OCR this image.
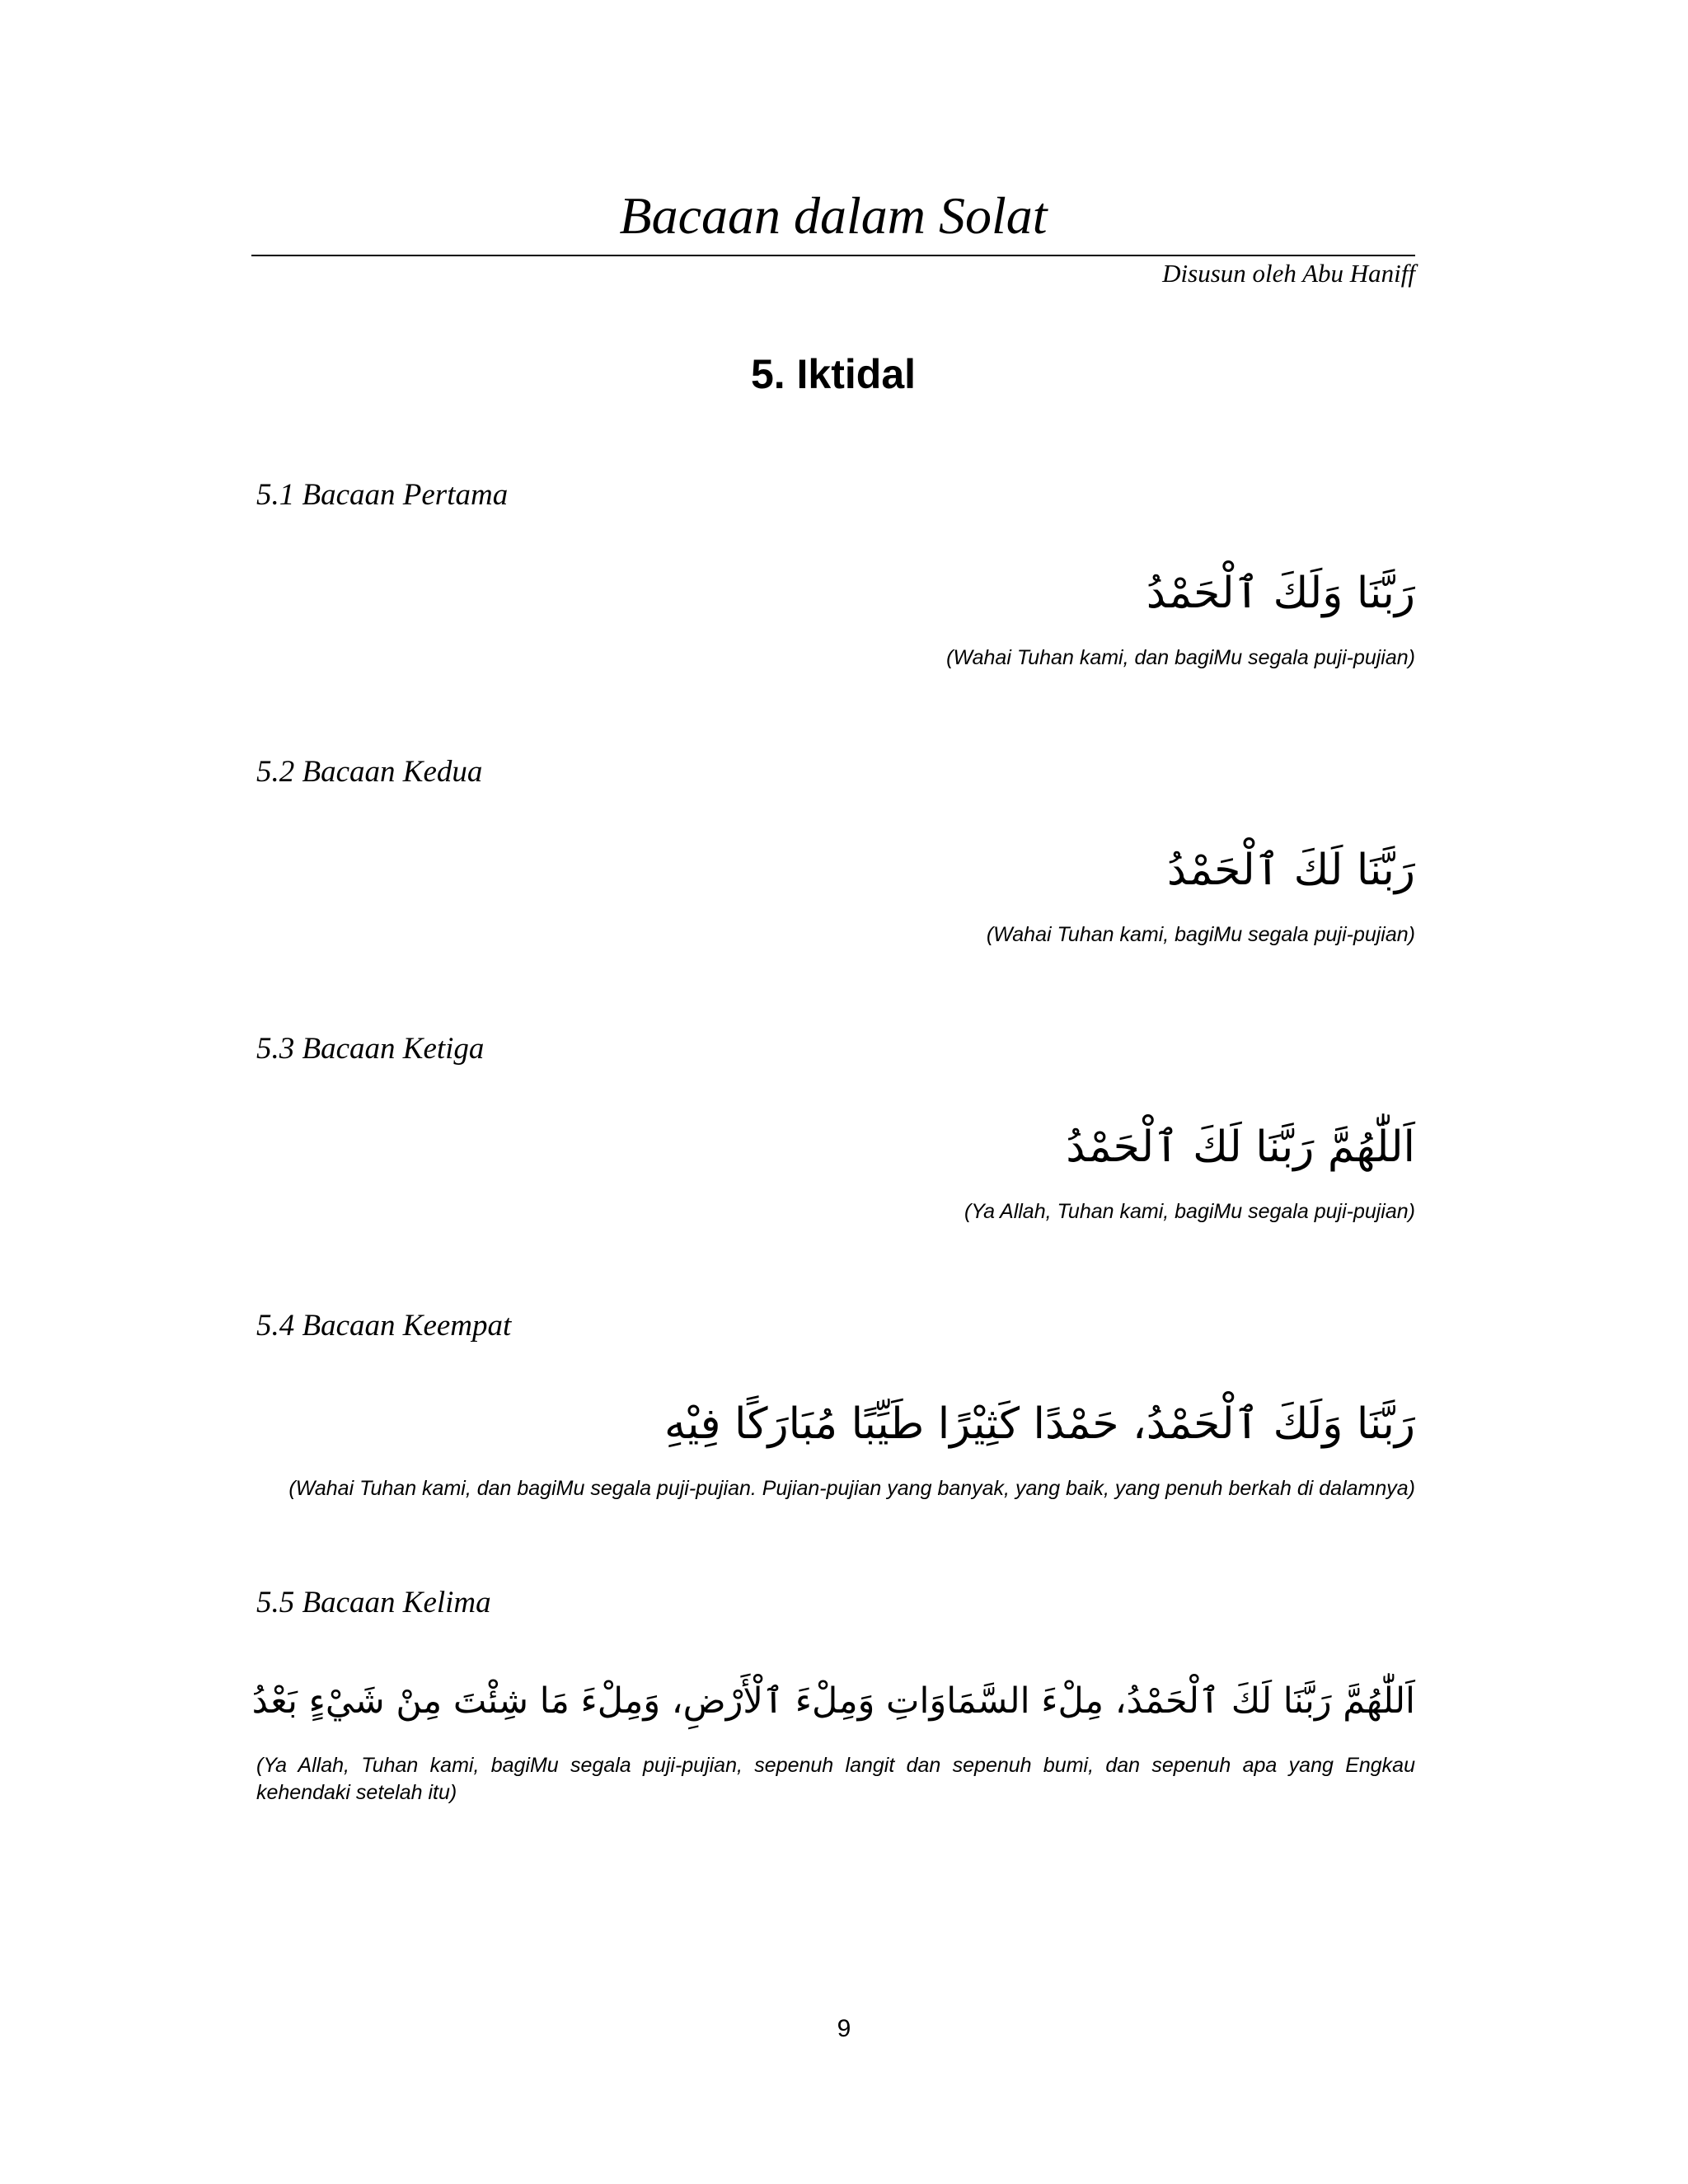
Bacaan dalam Solat
Disusun oleh Abu Haniff
5. Iktidal
5.1 Bacaan Pertama
رَبَّنَا وَلَكَ ٱلْحَمْدُ
(Wahai Tuhan kami, dan bagiMu segala puji-pujian)
5.2 Bacaan Kedua
رَبَّنَا لَكَ ٱلْحَمْدُ
(Wahai Tuhan kami, bagiMu segala puji-pujian)
5.3 Bacaan Ketiga
اَللّٰهُمَّ رَبَّنَا لَكَ ٱلْحَمْدُ
(Ya Allah, Tuhan kami, bagiMu segala puji-pujian)
5.4 Bacaan Keempat
رَبَّنَا وَلَكَ ٱلْحَمْدُ، حَمْدًا كَثِيْرًا طَيِّبًا مُبَارَكًا فِيْهِ
(Wahai Tuhan kami, dan bagiMu segala puji-pujian. Pujian-pujian yang banyak, yang baik, yang penuh berkah di dalamnya)
5.5 Bacaan Kelima
اَللّٰهُمَّ رَبَّنَا لَكَ ٱلْحَمْدُ، مِلْءَ السَّمَاوَاتِ وَمِلْءَ ٱلْأَرْضِ، وَمِلْءَ مَا شِئْتَ مِنْ شَيْءٍ بَعْدُ
(Ya Allah, Tuhan kami, bagiMu segala puji-pujian, sepenuh langit dan sepenuh bumi, dan sepenuh apa yang Engkau kehendaki setelah itu)
9
